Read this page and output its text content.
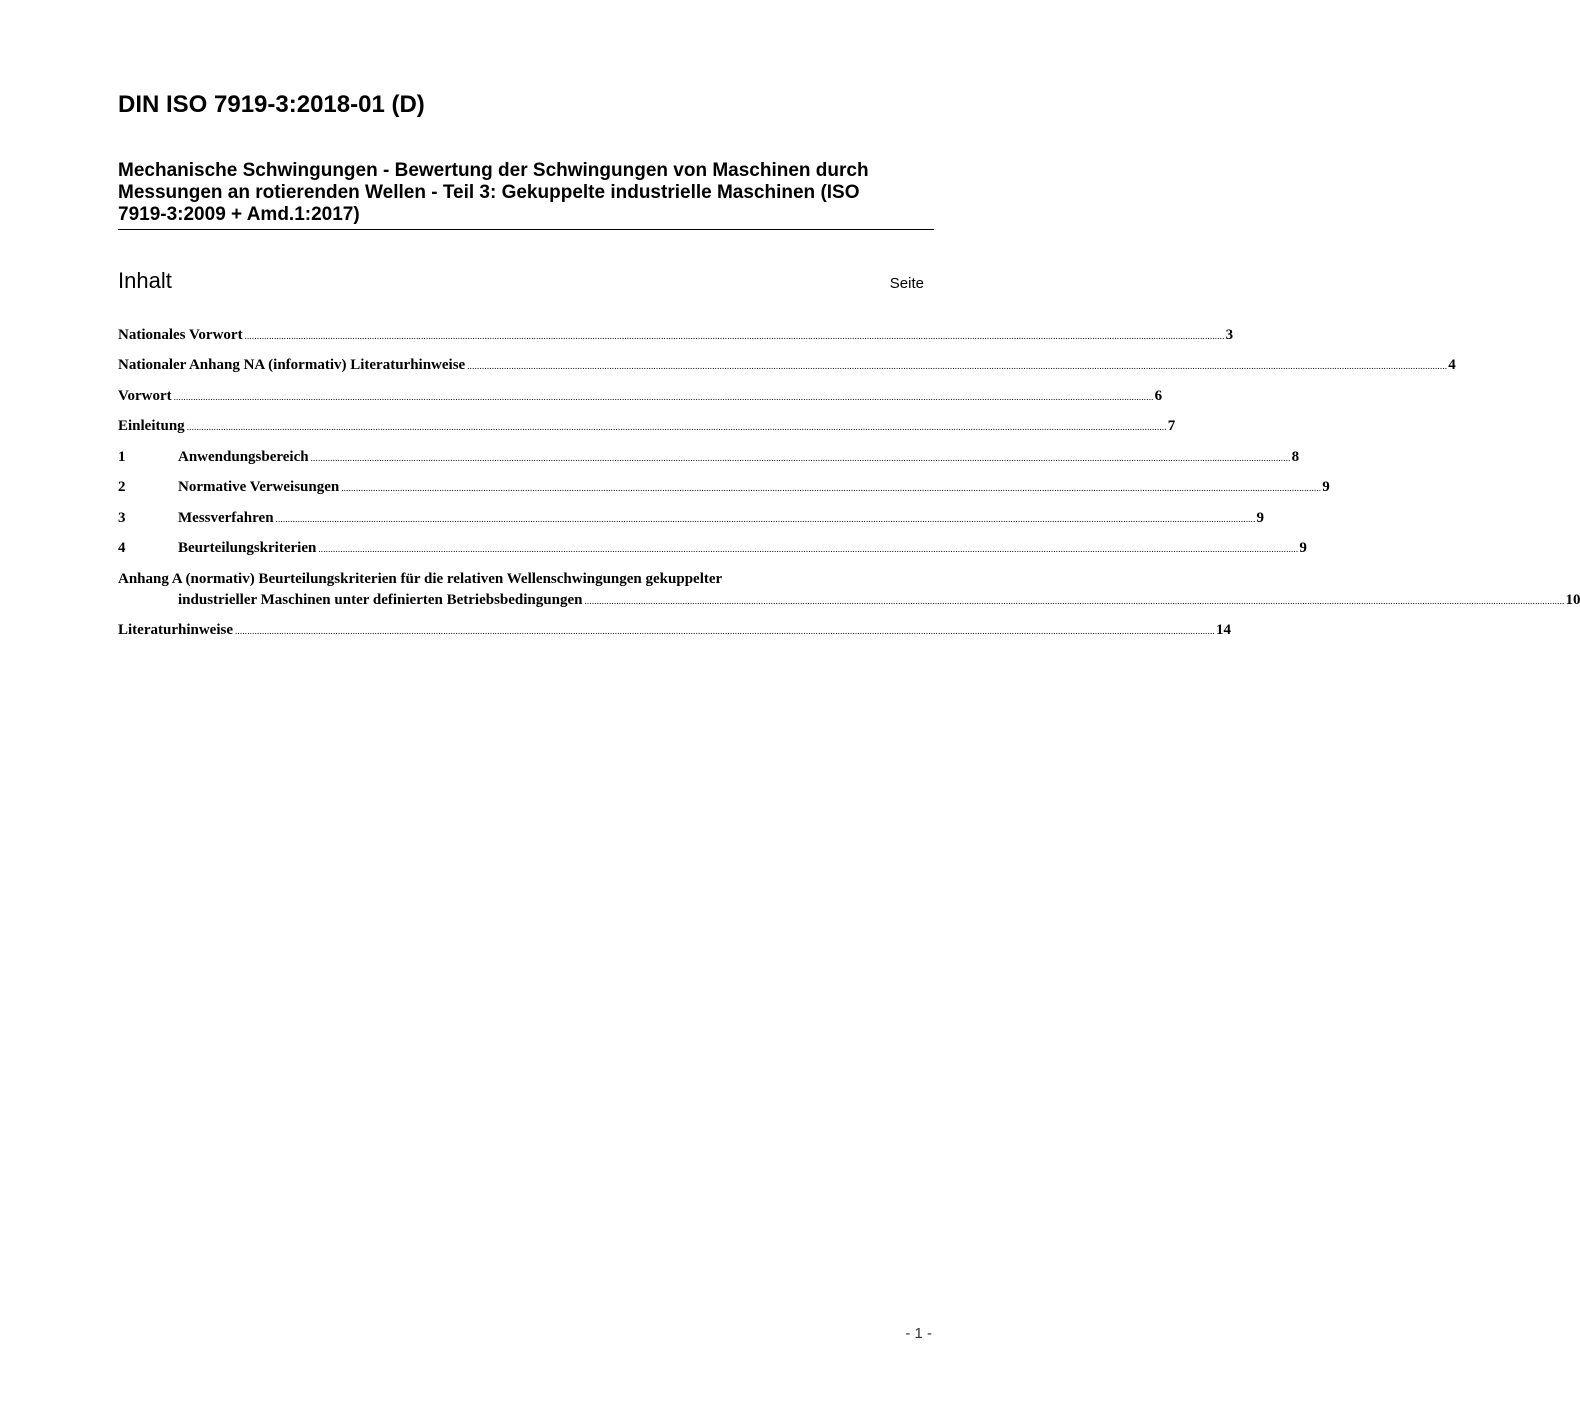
DIN ISO 7919-3:2018-01 (D)
Mechanische Schwingungen - Bewertung der Schwingungen von Maschinen durch
Messungen an rotierenden Wellen - Teil 3: Gekuppelte industrielle Maschinen (ISO
7919-3:2009 + Amd.1:2017)
Inhalt	Seite
Nationales Vorwort ................................................................................................................................................................................................................................................................................................................................................................................................................ 3
Nationaler Anhang NA (informativ) Literaturhinweise ................................................................................................................................................................................................................................................................................................................................................................................................................ 4
Vorwort ................................................................................................................................................................................................................................................................................................................................................................................................................ 6
Einleitung ................................................................................................................................................................................................................................................................................................................................................................................................................ 7
1	Anwendungsbereich ................................................................................................................................................................................................................................................................................................................................................................................................................ 8
2	Normative Verweisungen ................................................................................................................................................................................................................................................................................................................................................................................................................ 9
3	Messverfahren ................................................................................................................................................................................................................................................................................................................................................................................................................ 9
4	Beurteilungskriterien ................................................................................................................................................................................................................................................................................................................................................................................................................ 9
Anhang A (normativ) Beurteilungskriterien für die relativen Wellenschwingungen gekuppelter
industrieller Maschinen unter definierten Betriebsbedingungen ................................................................................................................................................................................................................................................................................................................................................................................................................ 10
Literaturhinweise ................................................................................................................................................................................................................................................................................................................................................................................................................ 14
- 1 -
